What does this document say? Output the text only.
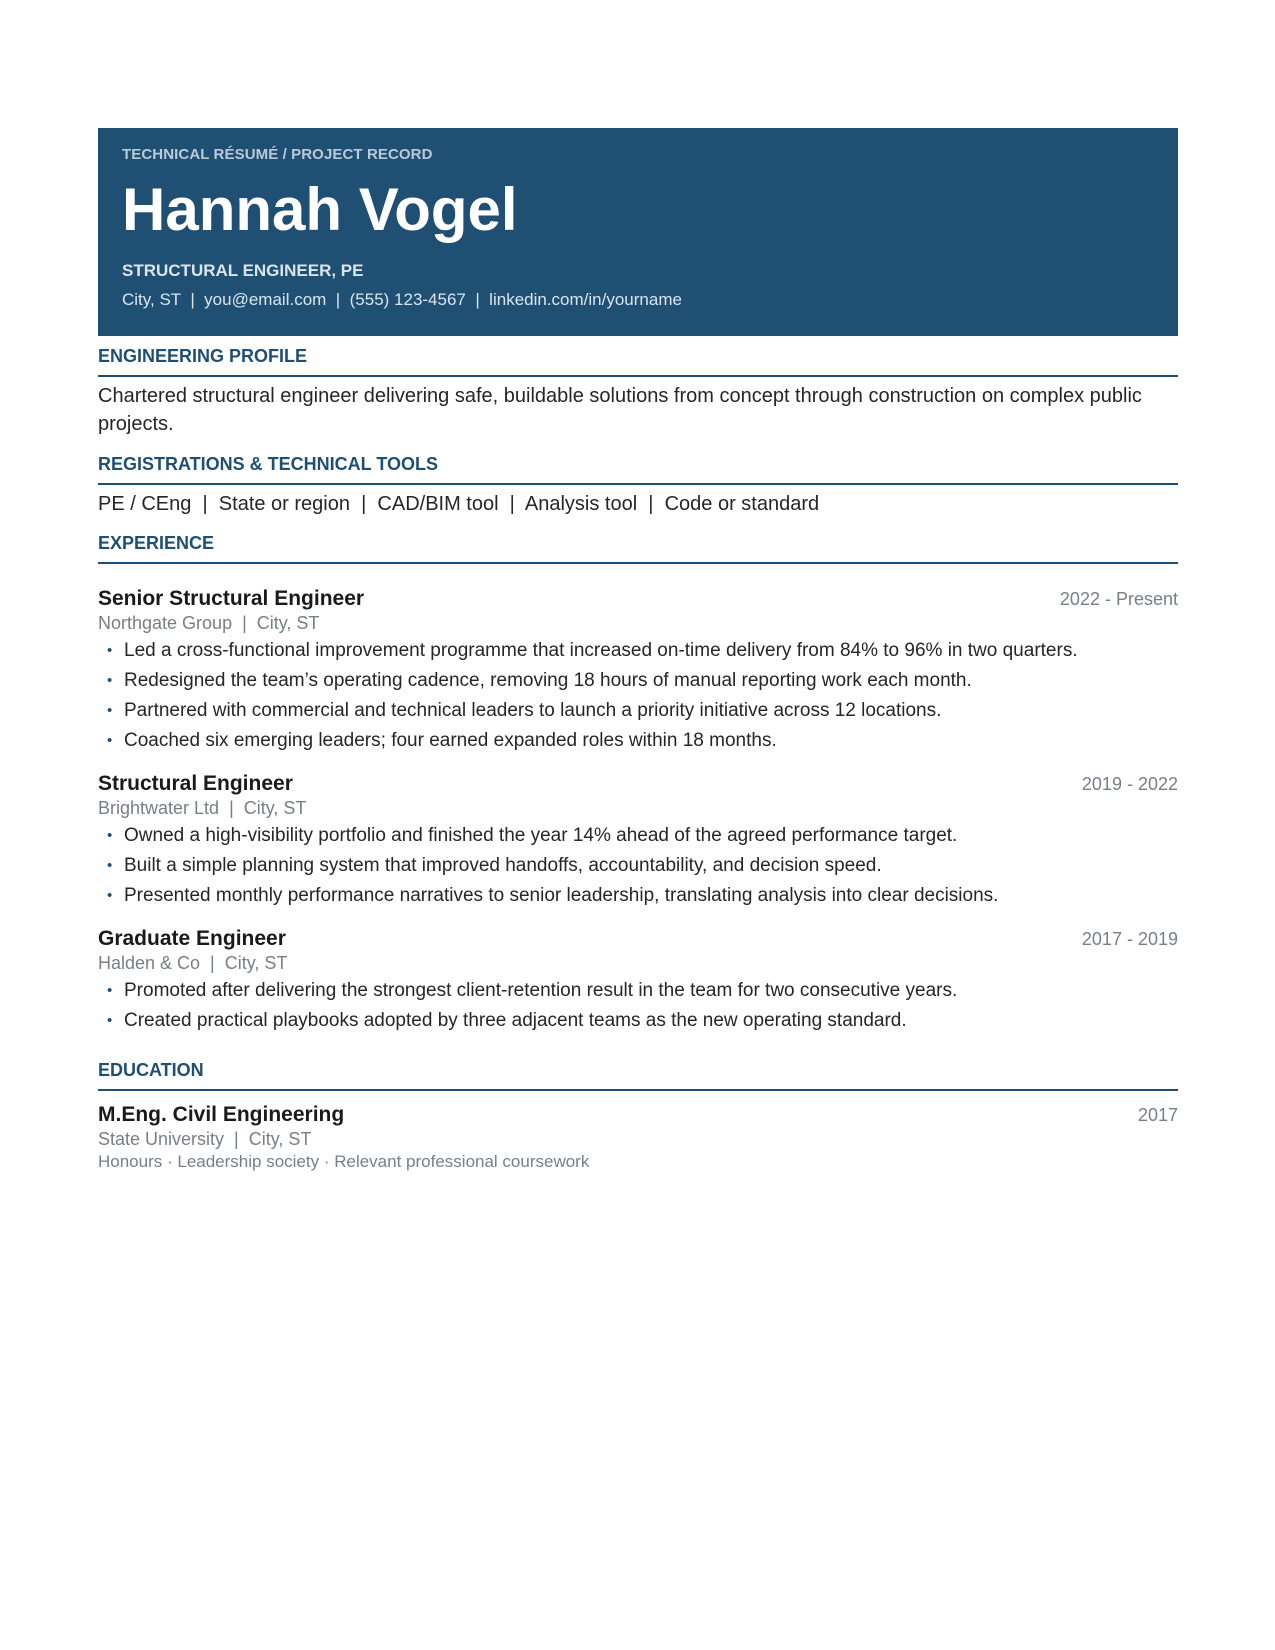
TECHNICAL RÉSUMÉ / PROJECT RECORD
Hannah Vogel
STRUCTURAL ENGINEER, PE
City, ST  |  you@email.com  |  (555) 123-4567  |  linkedin.com/in/yourname
ENGINEERING PROFILE
Chartered structural engineer delivering safe, buildable solutions from concept through construction on complex public projects.
REGISTRATIONS & TECHNICAL TOOLS
PE / CEng  |  State or region  |  CAD/BIM tool  |  Analysis tool  |  Code or standard
EXPERIENCE
Senior Structural Engineer	2022 - Present
Northgate Group  |  City, ST
• Led a cross-functional improvement programme that increased on-time delivery from 84% to 96% in two quarters.
• Redesigned the team’s operating cadence, removing 18 hours of manual reporting work each month.
• Partnered with commercial and technical leaders to launch a priority initiative across 12 locations.
• Coached six emerging leaders; four earned expanded roles within 18 months.
Structural Engineer	2019 - 2022
Brightwater Ltd  |  City, ST
• Owned a high-visibility portfolio and finished the year 14% ahead of the agreed performance target.
• Built a simple planning system that improved handoffs, accountability, and decision speed.
• Presented monthly performance narratives to senior leadership, translating analysis into clear decisions.
Graduate Engineer	2017 - 2019
Halden & Co  |  City, ST
• Promoted after delivering the strongest client-retention result in the team for two consecutive years.
• Created practical playbooks adopted by three adjacent teams as the new operating standard.
EDUCATION
M.Eng. Civil Engineering	2017
State University  |  City, ST
Honours · Leadership society · Relevant professional coursework
